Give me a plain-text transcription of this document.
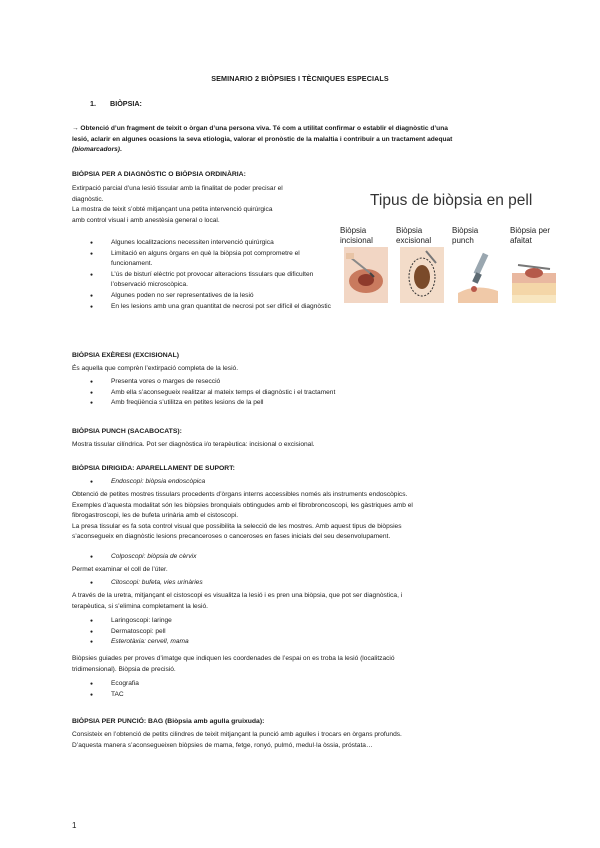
SEMINARIO 2 BIÒPSIES I TÈCNIQUES ESPECIALS
1. BIÒPSIA:
→ Obtenció d’un fragment de teixit o òrgan d’una persona viva. Té com a utilitat confirmar o establir el diagnòstic d’una
lesió, aclarir en algunes ocasions la seva etiologia, valorar el pronòstic de la malaltia i contribuir a un tractament adequat
(biomarcadors).
BIÒPSIA PER A DIAGNÒSTIC O BIÒPSIA ORDINÀRIA:
Extirpació parcial d’una lesió tissular amb la finalitat de poder precisar el
diagnòstic.
La mostra de teixit s’obté mitjançant una petita intervenció quirúrgica
amb control visual i amb anestèsia general o local.
● Algunes localitzacions necessiten intervenció quirúrgica
● Limitació en alguns òrgans en què la biòpsia pot comprometre el funcionament.
● L’ús de bisturí elèctric pot provocar alteracions tissulars que dificulten l’observació microscòpica.
● Algunes poden no ser representatives de la lesió
● En les lesions amb una gran quantitat de necrosi pot ser difícil el diagnòstic
Tipus de biòpsia en pell
Biòpsia incisional
Biòpsia excisional
Biòpsia punch
Biòpsia per afaitat
BIÒPSIA EXÈRESI (EXCISIONAL)
És aquella que comprèn l’extirpació completa de la lesió.
● Presenta vores o marges de resecció
● Amb ella s’aconsegueix realitzar al mateix temps el diagnòstic i el tractament
● Amb freqüència s’utilitza en petites lesions de la pell
BIÒPSIA PUNCH (SACABOCATS):
Mostra tissular cilíndrica. Pot ser diagnòstica i/o terapèutica: incisional o excisional.
BIÒPSIA DIRIGIDA: APARELLAMENT DE SUPORT:
● Endoscopi: biòpsia endoscòpica
Obtenció de petites mostres tissulars procedents d’òrgans interns accessibles només als instruments endoscòpics.
Exemples d’aquesta modalitat són les biòpsies bronquials obtingudes amb el fibrobroncoscopi, les gàstriques amb el
fibrogastroscopi, les de bufeta urinària amb el cistoscopi.
La presa tissular es fa sota control visual que possibilita la selecció de les mostres. Amb aquest tipus de biòpsies
s’aconsegueix en diagnòstic lesions precanceroses o canceroses en fases inicials del seu desenvolupament.
● Colposcopi: biòpsia de cèrvix
Permet examinar el coll de l’úter.
● Citoscopi: bufeta, vies urinàries
A través de la uretra, mitjançant el cistoscopi es visualitza la lesió i es pren una biòpsia, que pot ser diagnòstica, i
terapèutica, si s’elimina completament la lesió.
● Laringoscopi: laringe
● Dermatoscopi: pell
● Esterotàxia: cervell, mama
Biòpsies guiades per proves d’imatge que indiquen les coordenades de l’espai on es troba la lesió (localització
tridimensional). Biòpsia de precisió.
● Ecografia
● TAC
BIÒPSIA PER PUNCIÓ: BAG (Biòpsia amb agulla gruixuda):
Consisteix en l’obtenció de petits cilindres de teixit mitjançant la punció amb agulles i trocars en òrgans profunds.
D’aquesta manera s’aconsegueixen biòpsies de mama, fetge, ronyó, pulmó, medul·la òssia, próstata…
1
